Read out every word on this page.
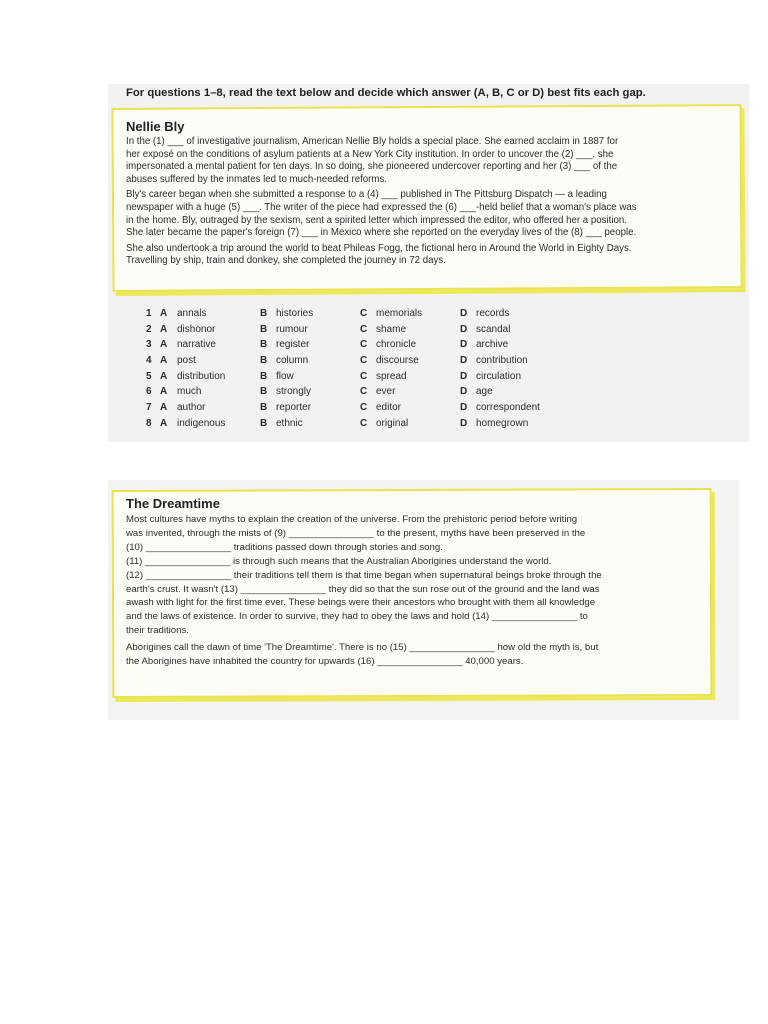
For questions 1–8, read the text below and decide which answer (A, B, C or D) best fits each gap.
Nellie Bly

In the (1) ___ of investigative journalism, American Nellie Bly holds a special place. She earned acclaim in 1887 for
her exposé on the conditions of asylum patients at a New York City institution. In order to uncover the (2) ___, she
impersonated a mental patient for ten days. In so doing, she pioneered undercover reporting and her (3) ___ of the
abuses suffered by the inmates led to much-needed reforms.

Bly's career began when she submitted a response to a (4) ___ published in The Pittsburg Dispatch — a leading
newspaper with a huge (5) ___. The writer of the piece had expressed the (6) ___-held belief that a woman's place was
in the home. Bly, outraged by the sexism, sent a spirited letter which impressed the editor, who offered her a position.
She later became the paper's foreign (7) ___ in Mexico where she reported on the everyday lives of the (8) ___ people.

She also undertook a trip around the world to beat Phileas Fogg, the fictional hero in Around the World in Eighty Days.
Travelling by ship, train and donkey, she completed the journey in 72 days.

1 A annals	B histories	C memorials	D records
2 A dishonor	B rumour	C shame	D scandal
3 A narrative	B register	C chronicle	D archive
4 A post	B column	C discourse	D contribution
5 A distribution	B flow	C spread	D circulation
6 A much	B strongly	C ever	D age
7 A author	B reporter	C editor	D correspondent
8 A indigenous	B ethnic	C original	D homegrown
The Dreamtime

Most cultures have myths to explain the creation of the universe. From the prehistoric period before writing
was invented, through the mists of (9) ________________ to the present, myths have been preserved in the
(10) ________________ traditions passed down through stories and song.
(11) ________________ is through such means that the Australian Aborigines understand the world.
(12) ________________ their traditions tell them is that time began when supernatural beings broke through the
earth's crust. It wasn't (13) ________________ they did so that the sun rose out of the ground and the land was
awash with light for the first time ever. These beings were their ancestors who brought with them all knowledge
and the laws of existence. In order to survive, they had to obey the laws and hold (14) ________________ to
their traditions.

Aborigines call the dawn of time 'The Dreamtime'. There is no (15) ________________ how old the myth is, but
the Aborigines have inhabited the country for upwards (16) ________________ 40,000 years.
